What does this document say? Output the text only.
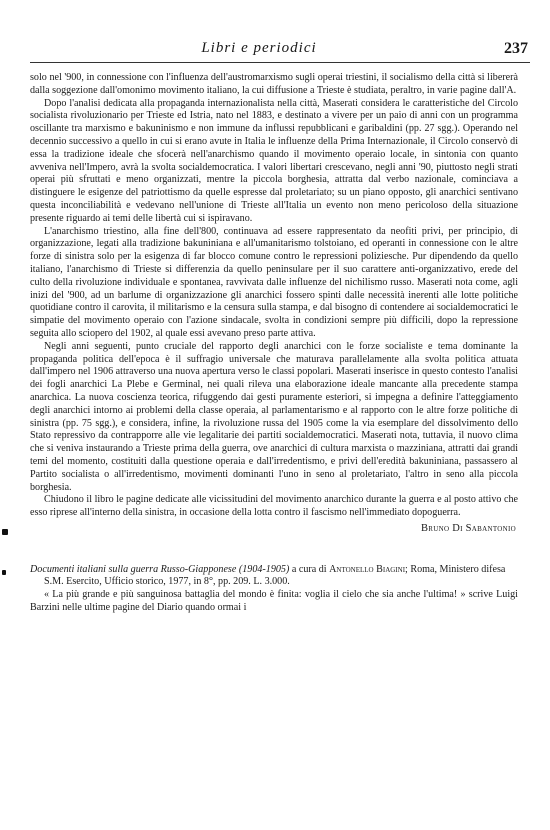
Libri e periodici	237

solo nel '900, in connessione con l'influenza dell'austromarxismo sugli operai triestini, il socialismo della città si libererà dalla soggezione dall'omonimo movimento italiano, la cui diffusione a Trieste è studiata, peraltro, in varie pagine dall'A.

Dopo l'analisi dedicata alla propaganda internazionalista nella città, Maserati considera le caratteristiche del Circolo socialista rivoluzionario per Trieste ed Istria, nato nel 1883, e destinato a vivere per un paio di anni con un programma oscillante tra marxismo e bakuninismo e non immune da influssi repubblicani e garibaldini (pp. 27 sgg.). Operando nel decennio successivo a quello in cui si erano avute in Italia le influenze della Prima Internazionale, il Circolo conservò di essa la tradizione ideale che sfocerà nell'anarchismo quando il movimento operaio locale, in sintonia con quanto avveniva nell'Impero, avrà la svolta socialdemocratica. I valori libertari crescevano, negli anni '90, piuttosto negli strati operai più sfruttati e meno organizzati, mentre la piccola borghesia, attratta dal verbo nazionale, cominciava a distinguere le esigenze del patriottismo da quelle espresse dal proletariato; su un piano opposto, gli anarchici sentivano questa inconciliabilità e vedevano nell'unione di Trieste all'Italia un evento non meno pericoloso della situazione presente riguardo ai temi delle libertà cui si ispiravano.

L'anarchismo triestino, alla fine dell'800, continuava ad essere rappresentato da neofiti privi, per principio, di organizzazione, legati alla tradizione bakuniniana e all'umanitarismo tolstoiano, ed operanti in connessione con le altre forze di sinistra solo per la esigenza di far blocco comune contro le repressioni poliziesche. Pur dipendendo da quello italiano, l'anarchismo di Trieste si differenzia da quello peninsulare per il suo carattere anti-organizzativo, erede del culto della rivoluzione individuale e spontanea, ravvivata dalle influenze del nichilismo russo. Maserati nota come, agli inizi del '900, ad un barlume di organizzazione gli anarchici fossero spinti dalle necessità inerenti alle lotte politiche quotidiane contro il carovita, il militarismo e la censura sulla stampa, e dal bisogno di contendere ai socialdemocratici le simpatie del movimento operaio con l'azione sindacale, svolta in condizioni sempre più difficili, dopo la repressione seguita allo sciopero del 1902, al quale essi avevano preso parte attiva.

Negli anni seguenti, punto cruciale del rapporto degli anarchici con le forze socialiste e tema dominante la propaganda politica dell'epoca è il suffragio universale che maturava parallelamente alla svolta politica attuata dall'impero nel 1906 attraverso una nuova apertura verso le classi popolari. Maserati inserisce in questo contesto l'analisi dei fogli anarchici La Plebe e Germinal, nei quali rileva una elaborazione ideale mancante alla precedente stampa anarchica. La nuova coscienza teorica, rifuggendo dai gesti puramente esteriori, si impegna a definire l'atteggiamento degli anarchici intorno ai problemi della classe operaia, al parlamentarismo e al rapporto con le altre forze politiche di sinistra (pp. 75 sgg.), e considera, infine, la rivoluzione russa del 1905 come la via esemplare del dissolvimento dello Stato repressivo da contrapporre alle vie legalitarie dei partiti socialdemocratici. Maserati nota, tuttavia, il nuovo clima che si veniva instaurando a Trieste prima della guerra, ove anarchici di cultura marxista o mazziniana, attratti dai grandi temi del momento, costituiti dalla questione operaia e dall'irredentismo, e privi dell'eredità bakuniniana, passassero al Partito socialista o all'irredentismo, movimenti dominanti l'uno in seno al proletariato, l'altro in seno alla piccola borghesia.

Chiudono il libro le pagine dedicate alle vicissitudini del movimento anarchico durante la guerra e al posto attivo che esso riprese all'interno della sinistra, in occasione della lotta contro il fascismo nell'immediato dopoguerra.

Bruno Di Sabantonio
Documenti italiani sulla guerra Russo-Giapponese (1904-1905) a cura di Antonello Biagini; Roma, Ministero difesa S.M. Esercito, Ufficio storico, 1977, in 8°, pp. 209. L. 3.000.

« La più grande e più sanguinosa battaglia del mondo è finita: voglia il cielo che sia anche l'ultima! » scrive Luigi Barzini nelle ultime pagine del Diario quando ormai i
